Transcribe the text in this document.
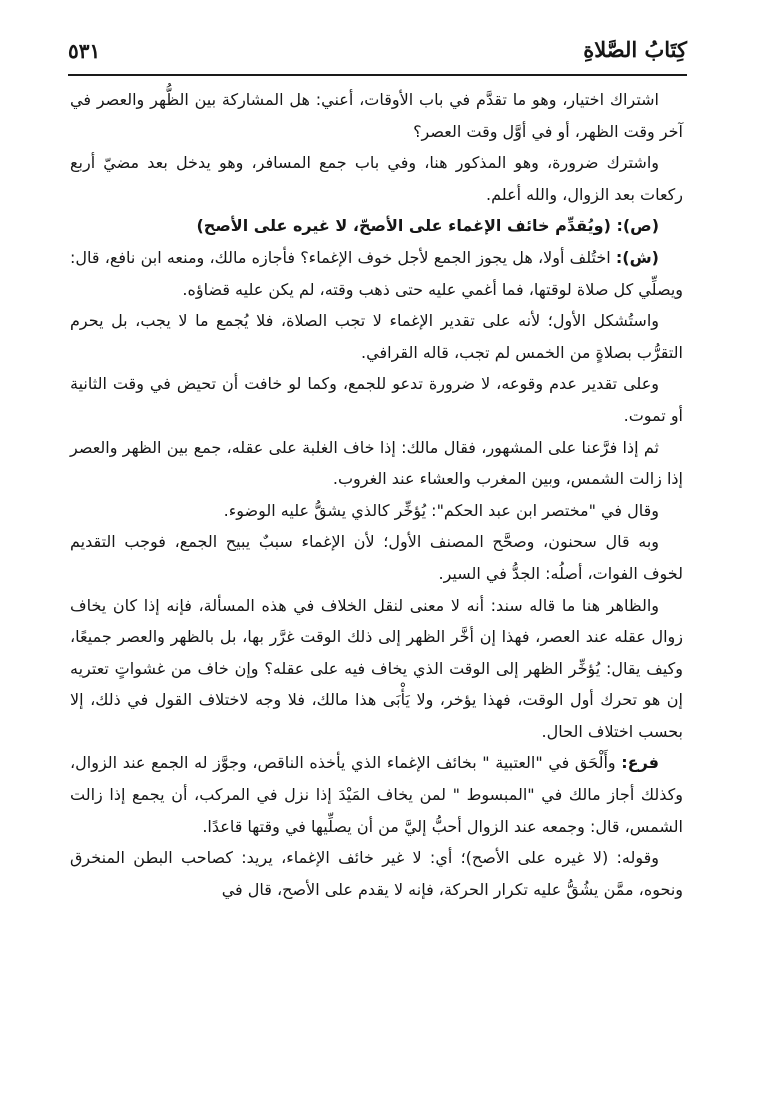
كِتَابُ الصَّلاةِ
٥٣١

اشتراك اختيار، وهو ما تقدَّم في باب الأوقات، أعني: هل المشاركة بين الظُّهر والعصر في آخر وقت الظهر، أو في أوَّل وقت العصر؟

واشترك ضرورة، وهو المذكور هنا، وفي باب جمع المسافر، وهو يدخل بعد مضيّ أربع ركعات بعد الزوال، والله أعلم.

(ص): (ويُقدِّم خائف الإغماء على الأصحّ، لا غيره على الأصح)

(ش): اختُلف أولا، هل يجوز الجمع لأجل خوف الإغماء؟ فأجازه مالك، ومنعه ابن نافع، قال: ويصلِّي كل صلاة لوقتها، فما أغمي عليه حتى ذهب وقته، لم يكن عليه قضاؤه.

واستُشكل الأول؛ لأنه على تقدير الإغماء لا تجب الصلاة، فلا يُجمع ما لا يجب، بل يحرم التقرُّب بصلاةٍ من الخمس لم تجب، قاله القرافي.

وعلى تقدير عدم وقوعه، لا ضرورة تدعو للجمع، وكما لو خافت أن تحيض في وقت الثانية أو تموت.

ثم إذا فرَّعنا على المشهور، فقال مالك: إذا خاف الغلبة على عقله، جمع بين الظهر والعصر إذا زالت الشمس، وبين المغرب والعشاء عند الغروب.

وقال في "مختصر ابن عبد الحكم": يُؤخِّر كالذي يشقُّ عليه الوضوء.

وبه قال سحنون، وصحَّح المصنف الأول؛ لأن الإغماء سببٌ يبيح الجمع، فوجب التقديم لخوف الفوات، أصلُه: الجدُّ في السير.

والظاهر هنا ما قاله سند: أنه لا معنى لنقل الخلاف في هذه المسألة، فإنه إذا كان يخاف زوال عقله عند العصر، فهذا إن أخَّر الظهر إلى ذلك الوقت غرَّر بها، بل بالظهر والعصر جميعًا، وكيف يقال: يُؤخِّر الظهر إلى الوقت الذي يخاف فيه على عقله؟ وإن خاف من غشواتٍ تعتريه إن هو تحرك أول الوقت، فهذا يؤخر، ولا يَأْبَى هذا مالك، فلا وجه لاختلاف القول في ذلك، إلا بحسب اختلاف الحال.

فرع: وأَلْحَق في "العتبية " بخائف الإغماء الذي يأخذه الناقص، وجوَّز له الجمع عند الزوال، وكذلك أجاز مالك في "المبسوط " لمن يخاف المَيْدَ إذا نزل في المركب، أن يجمع إذا زالت الشمس، قال: وجمعه عند الزوال أحبُّ إليَّ من أن يصلِّيها في وقتها قاعدًا.

وقوله: (لا غيره على الأصح)؛ أي: لا غير خائف الإغماء، يريد: كصاحب البطن المنخرق ونحوه، ممَّن يشُقُّ عليه تكرار الحركة، فإنه لا يقدم على الأصح، قال في
